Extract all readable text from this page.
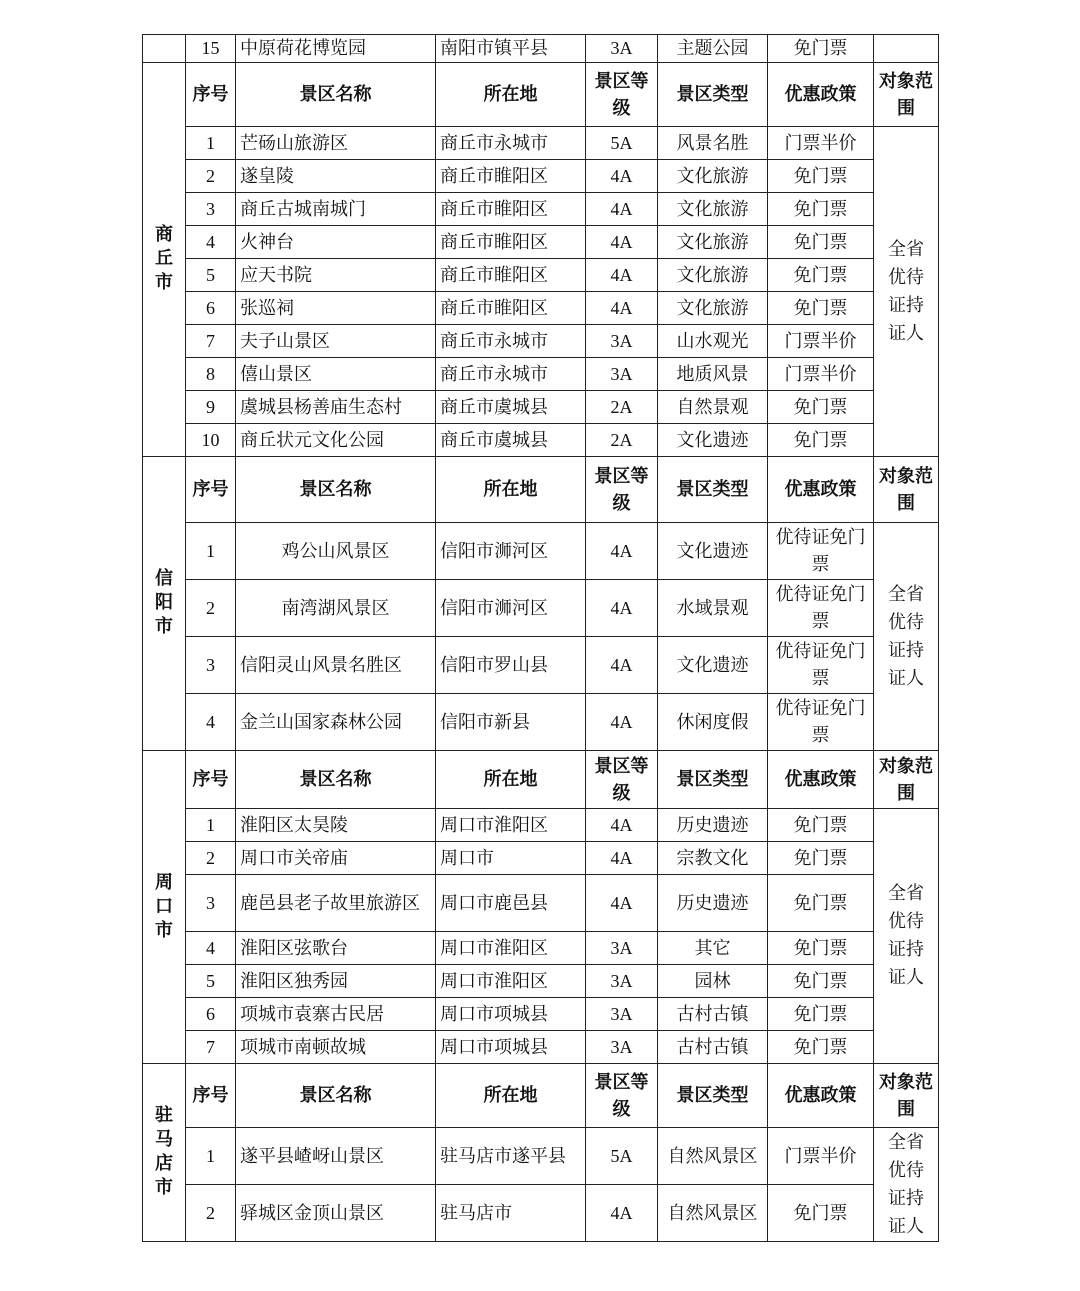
	15	中原荷花博览园	南阳市镇平县	3A	主题公园	免门票	
商丘市	序号	景区名称	所在地	景区等级	景区类型	优惠政策	对象范围
	1	芒砀山旅游区	商丘市永城市	5A	风景名胜	门票半价	全省优待证持证人
	2	遂皇陵	商丘市睢阳区	4A	文化旅游	免门票	
	3	商丘古城南城门	商丘市睢阳区	4A	文化旅游	免门票	
	4	火神台	商丘市睢阳区	4A	文化旅游	免门票	
	5	应天书院	商丘市睢阳区	4A	文化旅游	免门票	
	6	张巡祠	商丘市睢阳区	4A	文化旅游	免门票	
	7	夫子山景区	商丘市永城市	3A	山水观光	门票半价	
	8	僖山景区	商丘市永城市	3A	地质风景	门票半价	
	9	虞城县杨善庙生态村	商丘市虞城县	2A	自然景观	免门票	
	10	商丘状元文化公园	商丘市虞城县	2A	文化遗迹	免门票	
信阳市	序号	景区名称	所在地	景区等级	景区类型	优惠政策	对象范围
	1	鸡公山风景区	信阳市浉河区	4A	文化遗迹	优待证免门票	全省优待证持证人
	2	南湾湖风景区	信阳市浉河区	4A	水域景观	优待证免门票	
	3	信阳灵山风景名胜区	信阳市罗山县	4A	文化遗迹	优待证免门票	
	4	金兰山国家森林公园	信阳市新县	4A	休闲度假	优待证免门票	
周口市	序号	景区名称	所在地	景区等级	景区类型	优惠政策	对象范围
	1	淮阳区太昊陵	周口市淮阳区	4A	历史遗迹	免门票	全省优待证持证人
	2	周口市关帝庙	周口市	4A	宗教文化	免门票	
	3	鹿邑县老子故里旅游区	周口市鹿邑县	4A	历史遗迹	免门票	
	4	淮阳区弦歌台	周口市淮阳区	3A	其它	免门票	
	5	淮阳区独秀园	周口市淮阳区	3A	园林	免门票	
	6	项城市袁寨古民居	周口市项城县	3A	古村古镇	免门票	
	7	项城市南顿故城	周口市项城县	3A	古村古镇	免门票	
驻马店市	序号	景区名称	所在地	景区等级	景区类型	优惠政策	对象范围
	1	遂平县嵖岈山景区	驻马店市遂平县	5A	自然风景区	门票半价	全省优待证持证人
	2	驿城区金顶山景区	驻马店市	4A	自然风景区	免门票	
